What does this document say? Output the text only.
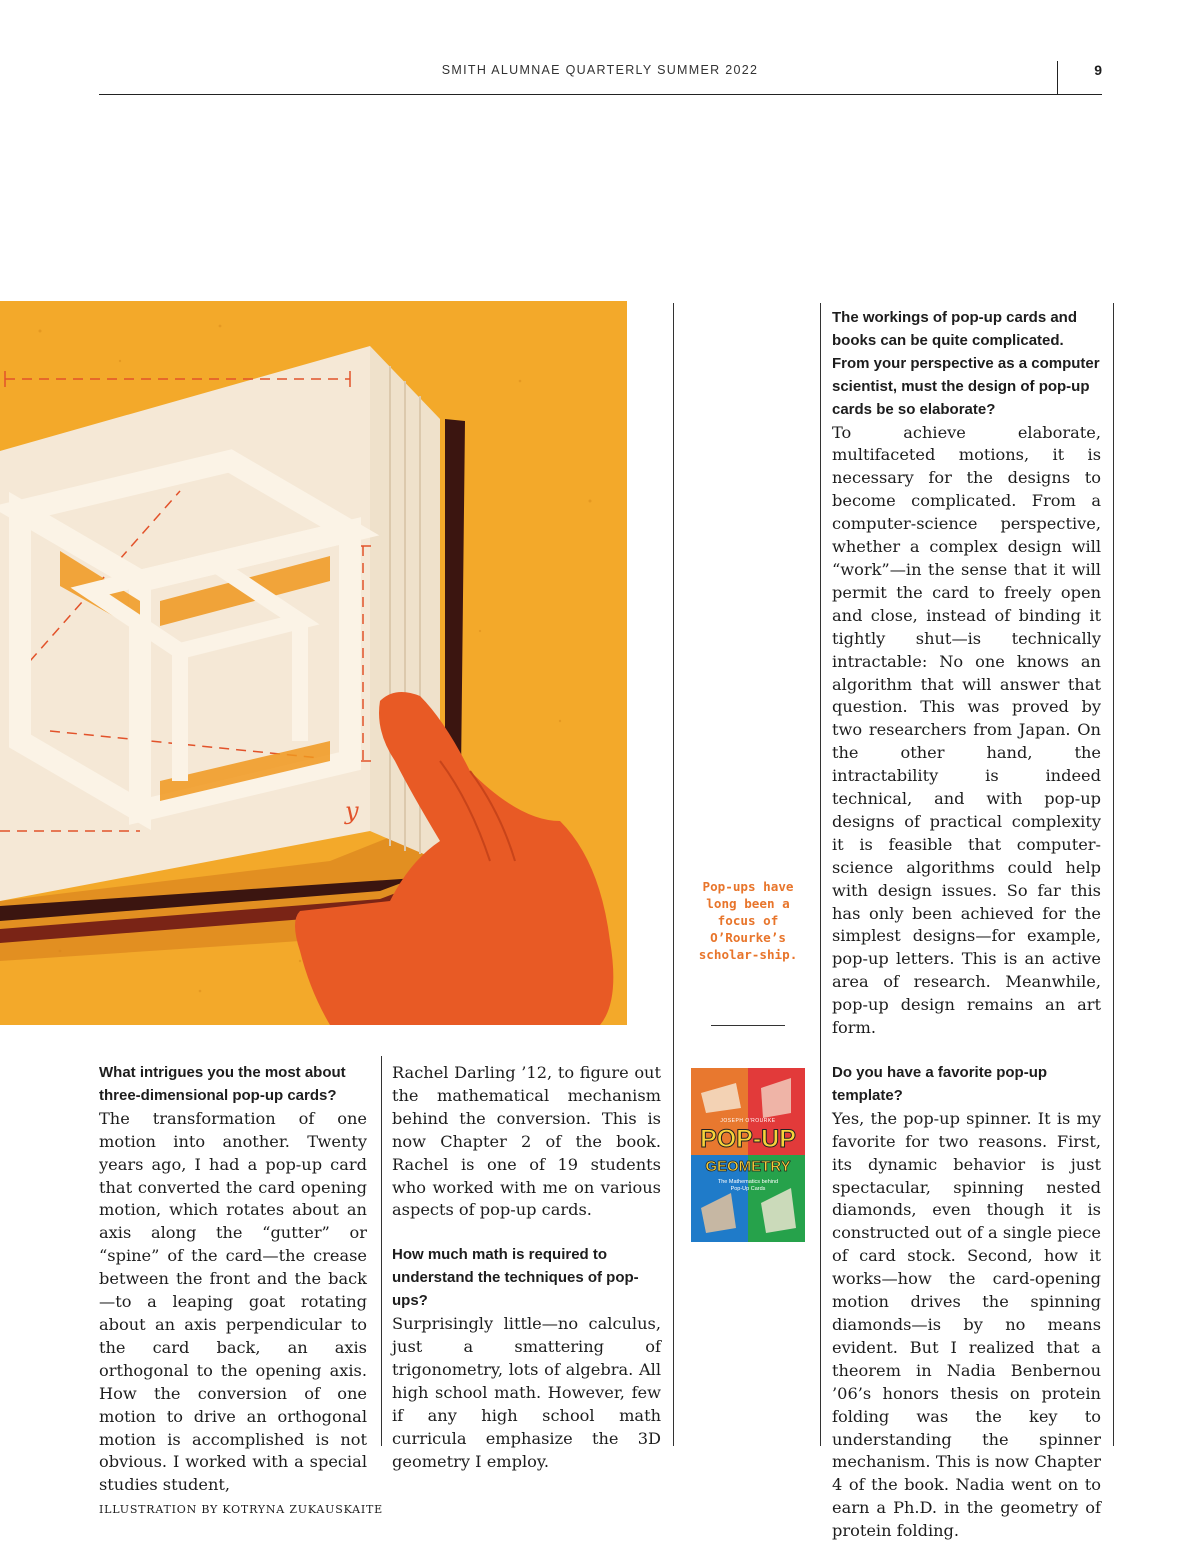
SMITH ALUMNAE QUARTERLY SUMMER 2022	9
y
What intrigues you the most about three-dimensional pop-up cards?

The transformation of one motion into another. Twenty years ago, I had a pop-up card that converted the card opening motion, which rotates about an axis along the “gutter” or “spine” of the card—the crease between the front and the back—to a leaping goat rotating about an axis perpendicular to the card back, an axis orthogonal to the opening axis. How the conversion of one motion to drive an orthogonal motion is accomplished is not obvious. I worked with a special studies student,

Rachel Darling ’12, to figure out the mathematical mechanism behind the conversion. This is now Chapter 2 of the book. Rachel is one of 19 students who worked with me on various aspects of pop-up cards.

How much math is required to understand the techniques of pop-ups?

Surprisingly little—no calculus, just a smattering of trigonometry, lots of algebra. All high school math. However, few if any high school math curricula emphasize the 3D geometry I employ.

Pop-ups have long been a focus of O’Rourke’s scholar-ship.
JOSEPH O'ROURKE
POP-UP
GEOMETRY
The Mathematics behind Pop-Up Cards
The workings of pop-up cards and books can be quite complicated. From your perspective as a computer scientist, must the design of pop-up cards be so elaborate?

To achieve elaborate, multifaceted motions, it is necessary for the designs to become complicated. From a computer-science perspective, whether a complex design will “work”—in the sense that it will permit the card to freely open and close, instead of binding it tightly shut—is technically intractable: No one knows an algorithm that will answer that question. This was proved by two researchers from Japan. On the other hand, the intractability is indeed technical, and with pop-up designs of practical complexity it is feasible that computer-science algorithms could help with design issues. So far this has only been achieved for the simplest designs—for example, pop-up letters. This is an active area of research. Meanwhile, pop-up design remains an art form.

Do you have a favorite pop-up template?

Yes, the pop-up spinner. It is my favorite for two reasons. First, its dynamic behavior is just spectacular, spinning nested diamonds, even though it is constructed out of a single piece of card stock. Second, how it works—how the card-opening motion drives the spinning diamonds—is by no means evident. But I realized that a theorem in Nadia Benbernou ’06’s honors thesis on protein folding was the key to understanding the spinner mechanism. This is now Chapter 4 of the book. Nadia went on to earn a Ph.D. in the geometry of protein folding.

ILLUSTRATION BY KOTRYNA ZUKAUSKAITE
